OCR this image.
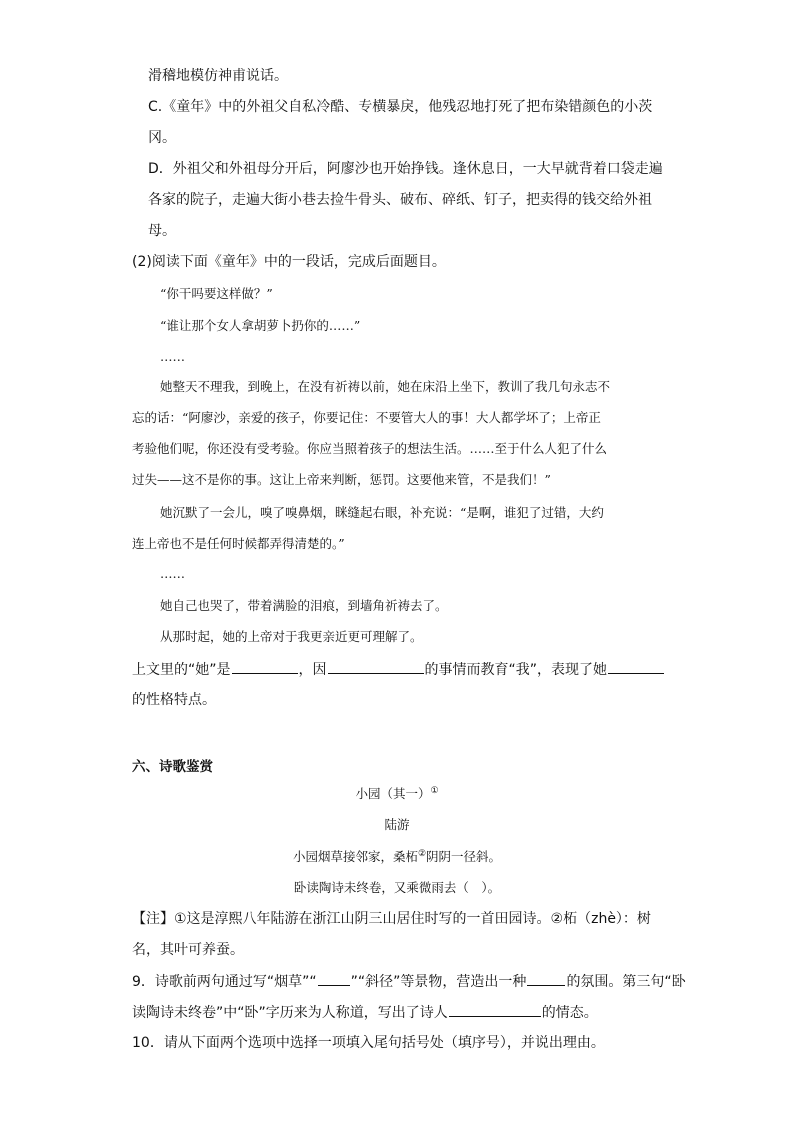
滑稽地模仿神甫说话。
C.《童年》中的外祖父自私冷酷、专横暴戾，他残忍地打死了把布染错颜色的小茨
冈。
D．外祖父和外祖母分开后，阿廖沙也开始挣钱。逢休息日，一大早就背着口袋走遍
各家的院子，走遍大街小巷去捡牛骨头、破布、碎纸、钉子，把卖得的钱交给外祖
母。
(2)阅读下面《童年》中的一段话，完成后面题目。
“你干吗要这样做？”
“谁让那个女人拿胡萝卜扔你的……”
……
她整天不理我，到晚上，在没有祈祷以前，她在床沿上坐下，教训了我几句永志不
忘的话：“阿廖沙，亲爱的孩子，你要记住：不要管大人的事！大人都学坏了；上帝正
考验他们呢，你还没有受考验。你应当照着孩子的想法生活。……至于什么人犯了什么
过失——这不是你的事。这让上帝来判断，惩罚。这要他来管，不是我们！”
她沉默了一会儿，嗅了嗅鼻烟，眯缝起右眼，补充说：“是啊，谁犯了过错，大约
连上帝也不是任何时候都弄得清楚的。”
……
她自己也哭了，带着满脸的泪痕，到墙角祈祷去了。
从那时起，她的上帝对于我更亲近更可理解了。
上文里的“她”是	，因	的事情而教育“我”，表现了她
的性格特点。
六、诗歌鉴赏
小园（其一）①
陆游
小园烟草接邻家，桑柘②阴阴一径斜。
卧读陶诗未终卷，又乘微雨去（　）。
【注】①这是淳熙八年陆游在浙江山阴三山居住时写的一首田园诗。②柘（zhè）：树
名，其叶可养蚕。
9．诗歌前两句通过写“烟草”“ ”“斜径”等景物，营造出一种	的氛围。第三句“卧
读陶诗未终卷”中“卧”字历来为人称道，写出了诗人	的情态。
10．请从下面两个选项中选择一项填入尾句括号处（填序号），并说出理由。
